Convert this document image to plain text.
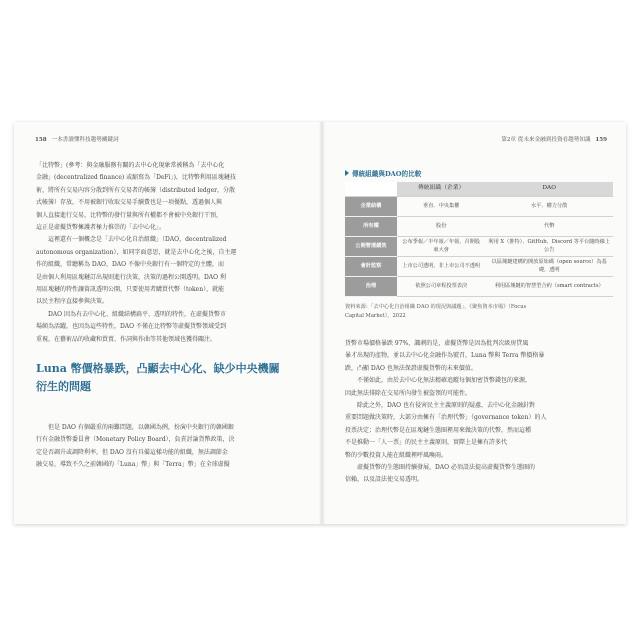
158 一本書讀懂科技趨勢關鍵詞

「比特幣」(參考：與金融服務有關的去中心化現象常被稱為「去中心化

金融」(decentralized finance) 或縮寫為「DeFi」)，比特幣利用區塊鏈技

術，將所有交易內容分散到所有交易者的帳簿（distributed ledger，分散

式帳簿）存放，不用被銀行收取交易手續費也是一項優點，透過個人與

個人直接進行交易，比特幣的發行量與所有權都不會被中央銀行干預，

這正是虛擬貨幣擁護者極力推崇的「去中心化」。

這裡還有一個概念是「去中心化自治組織」（DAO，decentralized

autonomous organization），如同字面意思，就是去中心化之後，自主運

作的組織，常聽稱為 DAO，DAO 不像中央銀行有一個特定的主體，而

是由個人利用區塊鏈訂出規則進行決策，決策的過程公開透明。DAO 利

用區塊鏈的特性讓資訊透明公開，只要使用者購買代幣（token），就能

以民主程序直接參與決策。

DAO 因為有去中心化、組織結構扁平、透明的特性，在虛擬貨幣市

場頗為活躍，也因為這些特性，DAO 不僅在比特幣等虛擬貨幣領域受到

重視，在藝術品的收藏和買賣、作詞與作曲等其他領域也獲得關注。

Luna 幣價格暴跌，凸顯去中心化、缺少中央機關

衍生的問題

但是 DAO 有個嚴重的兩難問題，以韓國為例，扮演中央銀行的韓國銀

行有金融貨幣委員會（Monetary Policy Board），負責討論貨幣政策，決

定是否調升或調降利率，但 DAO 沒有具備這樣功能的組織，無法調節金

融交易，導致不久之前韓國的「Luna」幣」與「Terra」幣」在全球虛擬

第2章 從未來金融到投資看趨勢知識 159
傳統組織與DAO的比較
	傳統組織（企業）	DAO
企業結構	垂直．中央集權	水平．權力分散
所有權	股份	代幣
公開營運績效	公布季報／半年報／年報，召開股東大會	利用 X（推特）、GitHub、Discord 等平台隨時線上公告
會計監察	上市公司透明，非上市公司不透明	以區塊鏈建構的開放原始碼（open source）為基礎，透明
治理	依照公司章程投票表決	利用區塊鏈的智慧型合約（smart contracts）

資料來源：「去中心化自治組織 DAO 的現況與議題」，《聚焦資本市場》（Focus

Capital Market），2022

貨幣市場價格暴跌 97%，諷刺的是，虛擬貨幣是因為批判次級房貸風

暴才出現的產物，並以去中心化金融作為號召，Luna 幣與 Terra 幣價格暴

跌，凸顯 DAO 也無法保證虛擬貨幣的未來價值。

不僅如此，由於去中心化無法精確追蹤每個加密貨幣錢包的來源，

因此無法排除在交易所內發生被盜領的可能性。

除此之外，DAO 也有侵害民主主義原則的疑慮，去中心化金融針對

重要問題做決策時，大部分由擁有「治理代幣」（governance token）的人

投票決定；治理代幣是在區塊鏈生態圈裡用來做決策的代幣，然而這種

不是推動一「人一票」的民主主義原則，實際上是擁有許多代

幣的少數投資人能在組織裡呼風喚雨。

虛擬貨幣的生態圈持續發展，DAO 必須設法提高虛擬貨幣生態圈的

信賴，以及設法使交易透明。
